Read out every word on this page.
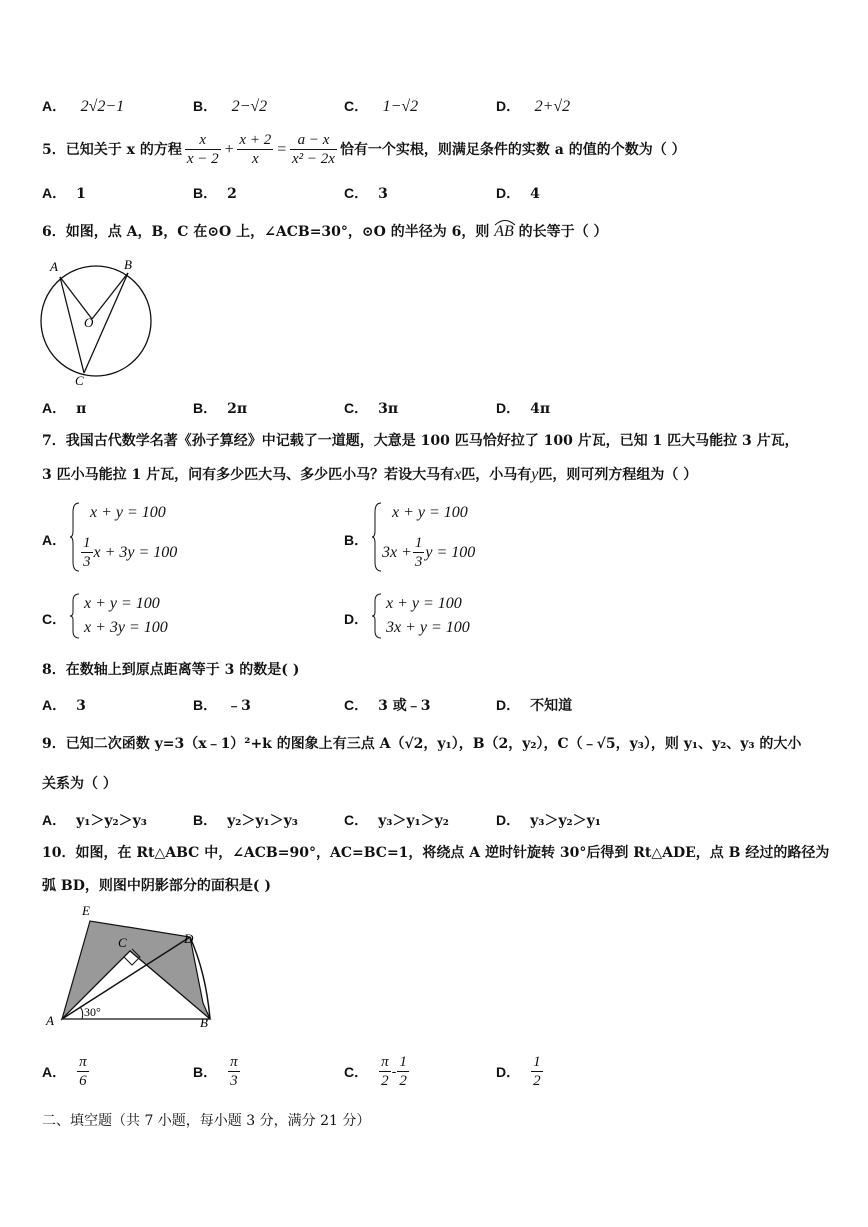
A． 2√2−1	B． 2−√2	C． 1−√2	D． 2+√2
5．已知关于 x 的方程 $\frac{x}{x - 2} + \frac{x + 2}{x} = \frac{a - x}{\text{x² − 2x}}$ 恰有一个实根，则满足条件的实数 a 的值的个数为（ ）
A． 1	B． 2	C． 3	D． 4
6．如图，点 A，B，C 在⊙O 上，∠ACB=30°，⊙O 的半径为 6，则 AB 的长等于（ ）
A	B
O
C
A． π	B． 2π	C． 3π	D． 4π
7．我国古代数学名著《孙子算经》中记载了一道题，大意是 100 匹马恰好拉了 100 片瓦，已知 1 匹大马能拉 3 片瓦，
3 匹小马能拉 1 片瓦，问有多少匹大马、多少匹小马？若设大马有x匹，小马有y匹，则可列方程组为（ ）
A．
x + y = 100
$\frac{1}{3}$ x + 3y = 100
B．
x + y = 100
$3x + \frac{1}{3}$ y = 100
C．
x + y = 100
x + 3y = 100	D．
x + y = 100
3x + y = 100
8．在数轴上到原点距离等于 3 的数是( )
A． 3	B． ﹣3	C． 3 或﹣3	D． 不知道
9．已知二次函数 y=3（x﹣1）²+k 的图象上有三点 A（√2，y₁），B（2，y₂），C（﹣√5，y₃），则 y₁、y₂、y₃ 的大小
关系为（ ）
A． y₁＞y₂＞y₃	B． y₂＞y₁＞y₃	C． y₃＞y₁＞y₂	D． y₃＞y₂＞y₁
10．如图，在 Rt△ABC 中，∠ACB=90°，AC=BC=1，将绕点 A 逆时针旋转 30°后得到 Rt△ADE，点 B 经过的路径为
弧 BD，则图中阴影部分的面积是( )
E
C	D
A	B
30°
A． $\frac{\pi}{6}$	B． $\frac{\pi}{3}$	C． $\frac{\pi}{2} - \frac{1}{2}$	D． $\frac{1}{2}$
二、填空题（共 7 小题，每小题 3 分，满分 21 分）
